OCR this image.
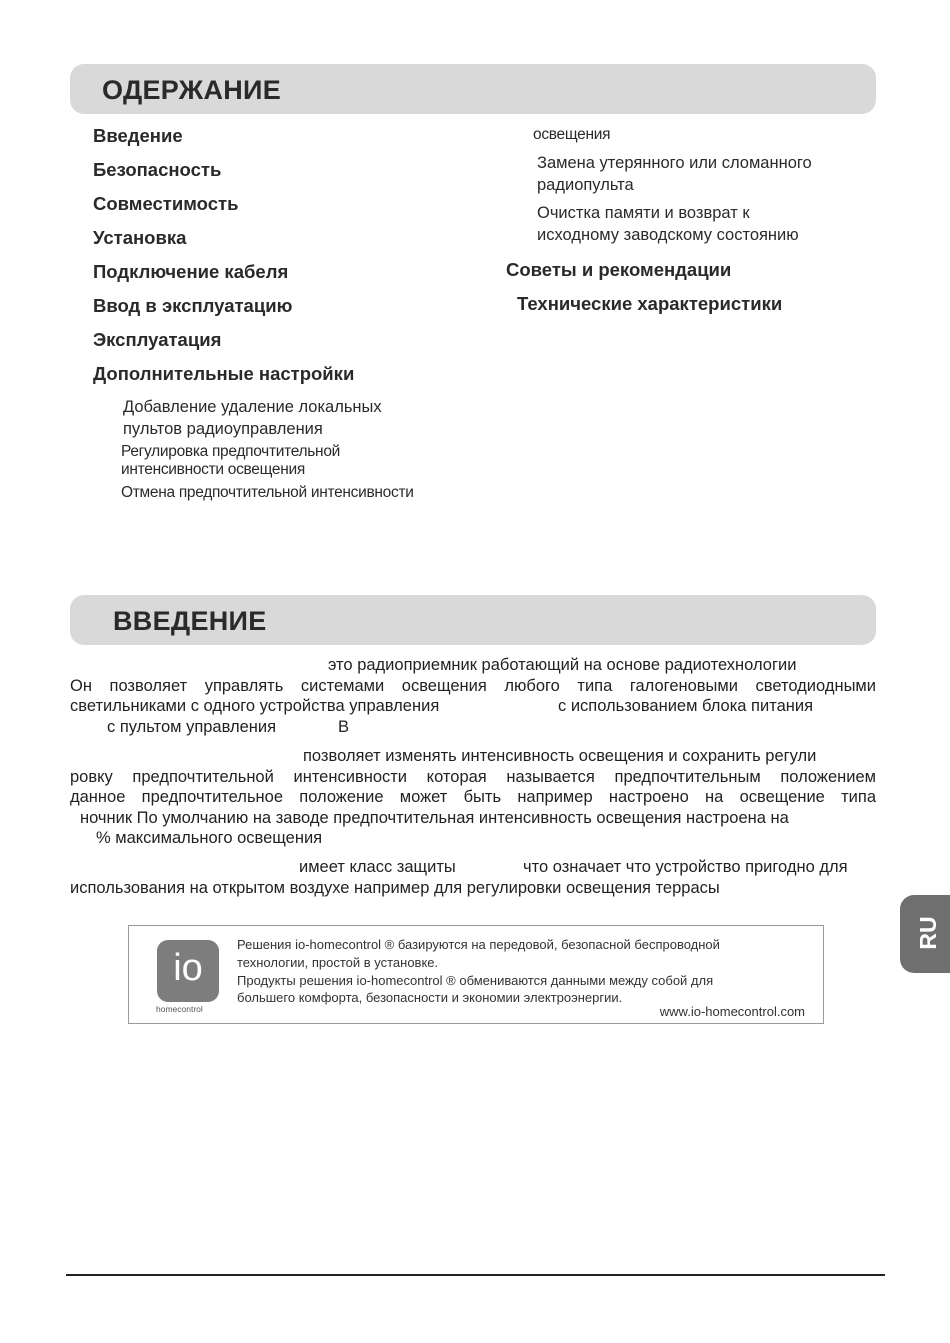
ОДЕРЖАНИЕ
Введение
Безопасность
Совместимость
Установка
Подключение кабеля
Ввод в эксплуатацию
Эксплуатация
Дополнительные настройки
Добавление удаление локальных
пультов радиоуправления
Регулировка предпочтительной
интенсивности освещения
Отмена предпочтительной интенсивности
освещения
Замена утерянного или сломанного
радиопульта
Очистка памяти и возврат к
исходному заводскому состоянию
Советы и рекомендации
Технические характеристики
ВВЕДЕНИЕ
это радиоприемник работающий на основе радиотехнологии
Он позволяет управлять системами освещения любого типа галогеновыми светодиодными
светильниками с одного устройства управления	с использованием блока питания
с пультом управления	В
позволяет изменять интенсивность освещения и сохранить регули
ровку предпочтительной интенсивности которая называется предпочтительным положением
данное предпочтительное положение может быть например настроено на освещение типа
ночник По умолчанию на заводе предпочтительная интенсивность освещения настроена на
% максимального освещения
имеет класс защиты	что означает что устройство пригодно для
использования на открытом воздухе например для регулировки освещения террасы
io
homecontrol
Решения io-homecontrol ® базируются на передовой, безопасной беспроводной
технологии, простой в установке.
Продукты решения io-homecontrol ® обмениваются данными между собой для
большего комфорта, безопасности и экономии электроэнергии.
www.io-homecontrol.com
RU
